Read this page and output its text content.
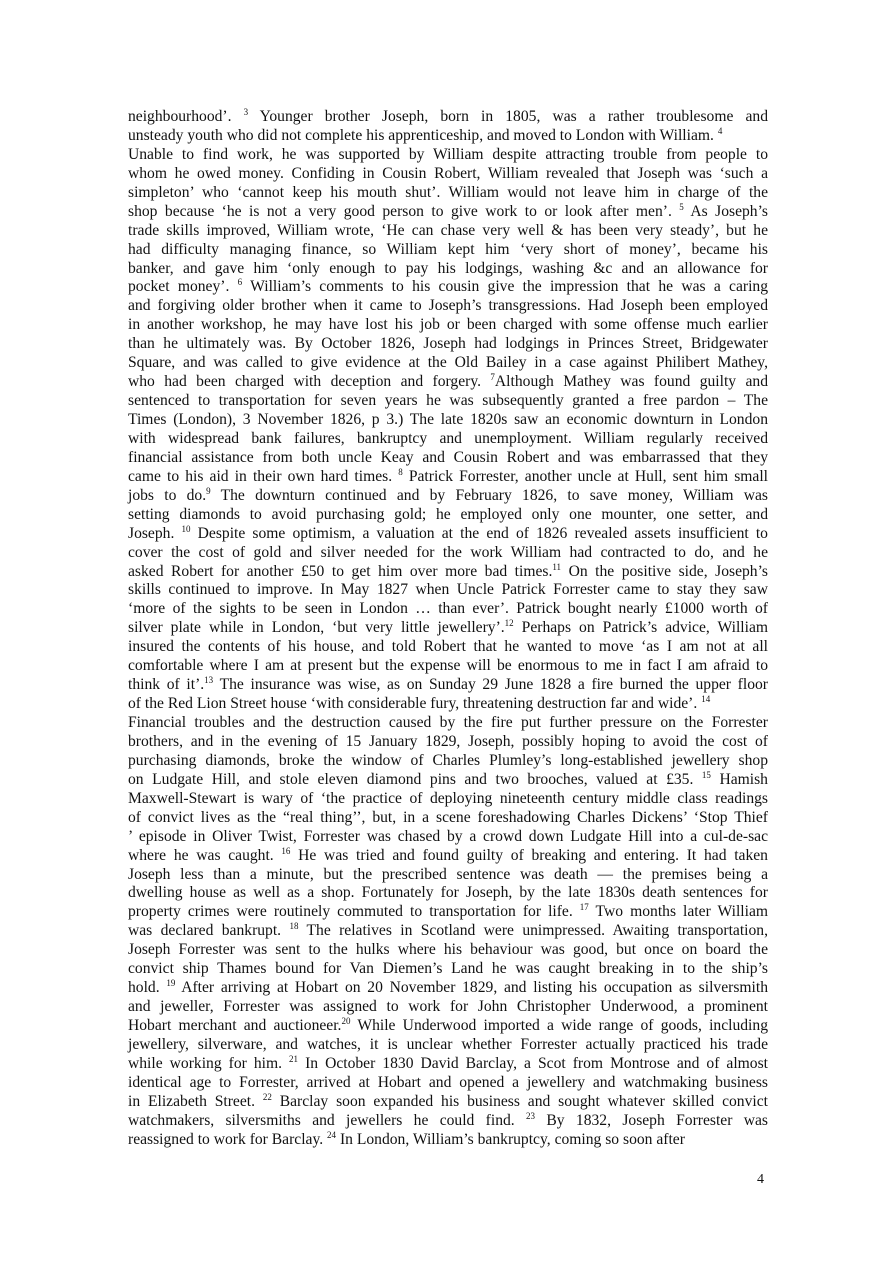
neighbourhood’. $^3$ Younger brother Joseph, born in 1805, was a rather troublesome and
unsteady youth who did not complete his apprenticeship, and moved to London with William. $^4$
Unable to find work, he was supported by William despite attracting trouble from people to
whom he owed money. Confiding in Cousin Robert, William revealed that Joseph was ‘such a
simpleton’ who ‘cannot keep his mouth shut’. William would not leave him in charge of the
shop because ‘he is not a very good person to give work to or look after men’. $^5$ As Joseph’s
trade skills improved, William wrote, ‘He can chase very well & has been very steady’, but he
had difficulty managing finance, so William kept him ‘very short of money’, became his
banker, and gave him ‘only enough to pay his lodgings, washing &c and an allowance for
pocket money’. $^6$ William’s comments to his cousin give the impression that he was a caring
and forgiving older brother when it came to Joseph’s transgressions. Had Joseph been employed
in another workshop, he may have lost his job or been charged with some offense much earlier
than he ultimately was. By October 1826, Joseph had lodgings in Princes Street, Bridgewater
Square, and was called to give evidence at the Old Bailey in a case against Philibert Mathey,
who had been charged with deception and forgery. $^7$Although Mathey was found guilty and
sentenced to transportation for seven years he was subsequently granted a free pardon – The
Times (London), 3 November 1826, p 3.) The late 1820s saw an economic downturn in London
with widespread bank failures, bankruptcy and unemployment. William regularly received
financial assistance from both uncle Keay and Cousin Robert and was embarrassed that they
came to his aid in their own hard times. $^8$ Patrick Forrester, another uncle at Hull, sent him small
jobs to do.$^9$ The downturn continued and by February 1826, to save money, William was
setting diamonds to avoid purchasing gold; he employed only one mounter, one setter, and
Joseph. $^{10}$ Despite some optimism, a valuation at the end of 1826 revealed assets insufficient to
cover the cost of gold and silver needed for the work William had contracted to do, and he
asked Robert for another £50 to get him over more bad times.$^{11}$ On the positive side, Joseph’s
skills continued to improve. In May 1827 when Uncle Patrick Forrester came to stay they saw
‘more of the sights to be seen in London … than ever’. Patrick bought nearly £1000 worth of
silver plate while in London, ‘but very little jewellery’.$^{12}$ Perhaps on Patrick’s advice, William
insured the contents of his house, and told Robert that he wanted to move ‘as I am not at all
comfortable where I am at present but the expense will be enormous to me in fact I am afraid to
think of it’.$^{13}$ The insurance was wise, as on Sunday 29 June 1828 a fire burned the upper floor
of the Red Lion Street house ‘with considerable fury, threatening destruction far and wide’. $^{14}$
Financial troubles and the destruction caused by the fire put further pressure on the Forrester
brothers, and in the evening of 15 January 1829, Joseph, possibly hoping to avoid the cost of
purchasing diamonds, broke the window of Charles Plumley’s long-established jewellery shop
on Ludgate Hill, and stole eleven diamond pins and two brooches, valued at £35. $^{15}$ Hamish
Maxwell-Stewart is wary of ‘the practice of deploying nineteenth century middle class readings
of convict lives as the “real thing’’, but, in a scene foreshadowing Charles Dickens’ ‘Stop Thief
’ episode in Oliver Twist, Forrester was chased by a crowd down Ludgate Hill into a cul-de-sac
where he was caught. $^{16}$ He was tried and found guilty of breaking and entering. It had taken
Joseph less than a minute, but the prescribed sentence was death — the premises being a
dwelling house as well as a shop. Fortunately for Joseph, by the late 1830s death sentences for
property crimes were routinely commuted to transportation for life. $^{17}$ Two months later William
was declared bankrupt. $^{18}$ The relatives in Scotland were unimpressed. Awaiting transportation,
Joseph Forrester was sent to the hulks where his behaviour was good, but once on board the
convict ship Thames bound for Van Diemen’s Land he was caught breaking in to the ship’s
hold. $^{19}$ After arriving at Hobart on 20 November 1829, and listing his occupation as silversmith
and jeweller, Forrester was assigned to work for John Christopher Underwood, a prominent
Hobart merchant and auctioneer.$^{20}$ While Underwood imported a wide range of goods, including
jewellery, silverware, and watches, it is unclear whether Forrester actually practiced his trade
while working for him. $^{21}$ In October 1830 David Barclay, a Scot from Montrose and of almost
identical age to Forrester, arrived at Hobart and opened a jewellery and watchmaking business
in Elizabeth Street. $^{22}$ Barclay soon expanded his business and sought whatever skilled convict
watchmakers, silversmiths and jewellers he could find. $^{23}$ By 1832, Joseph Forrester was
reassigned to work for Barclay. $^{24}$ In London, William’s bankruptcy, coming so soon after
4
